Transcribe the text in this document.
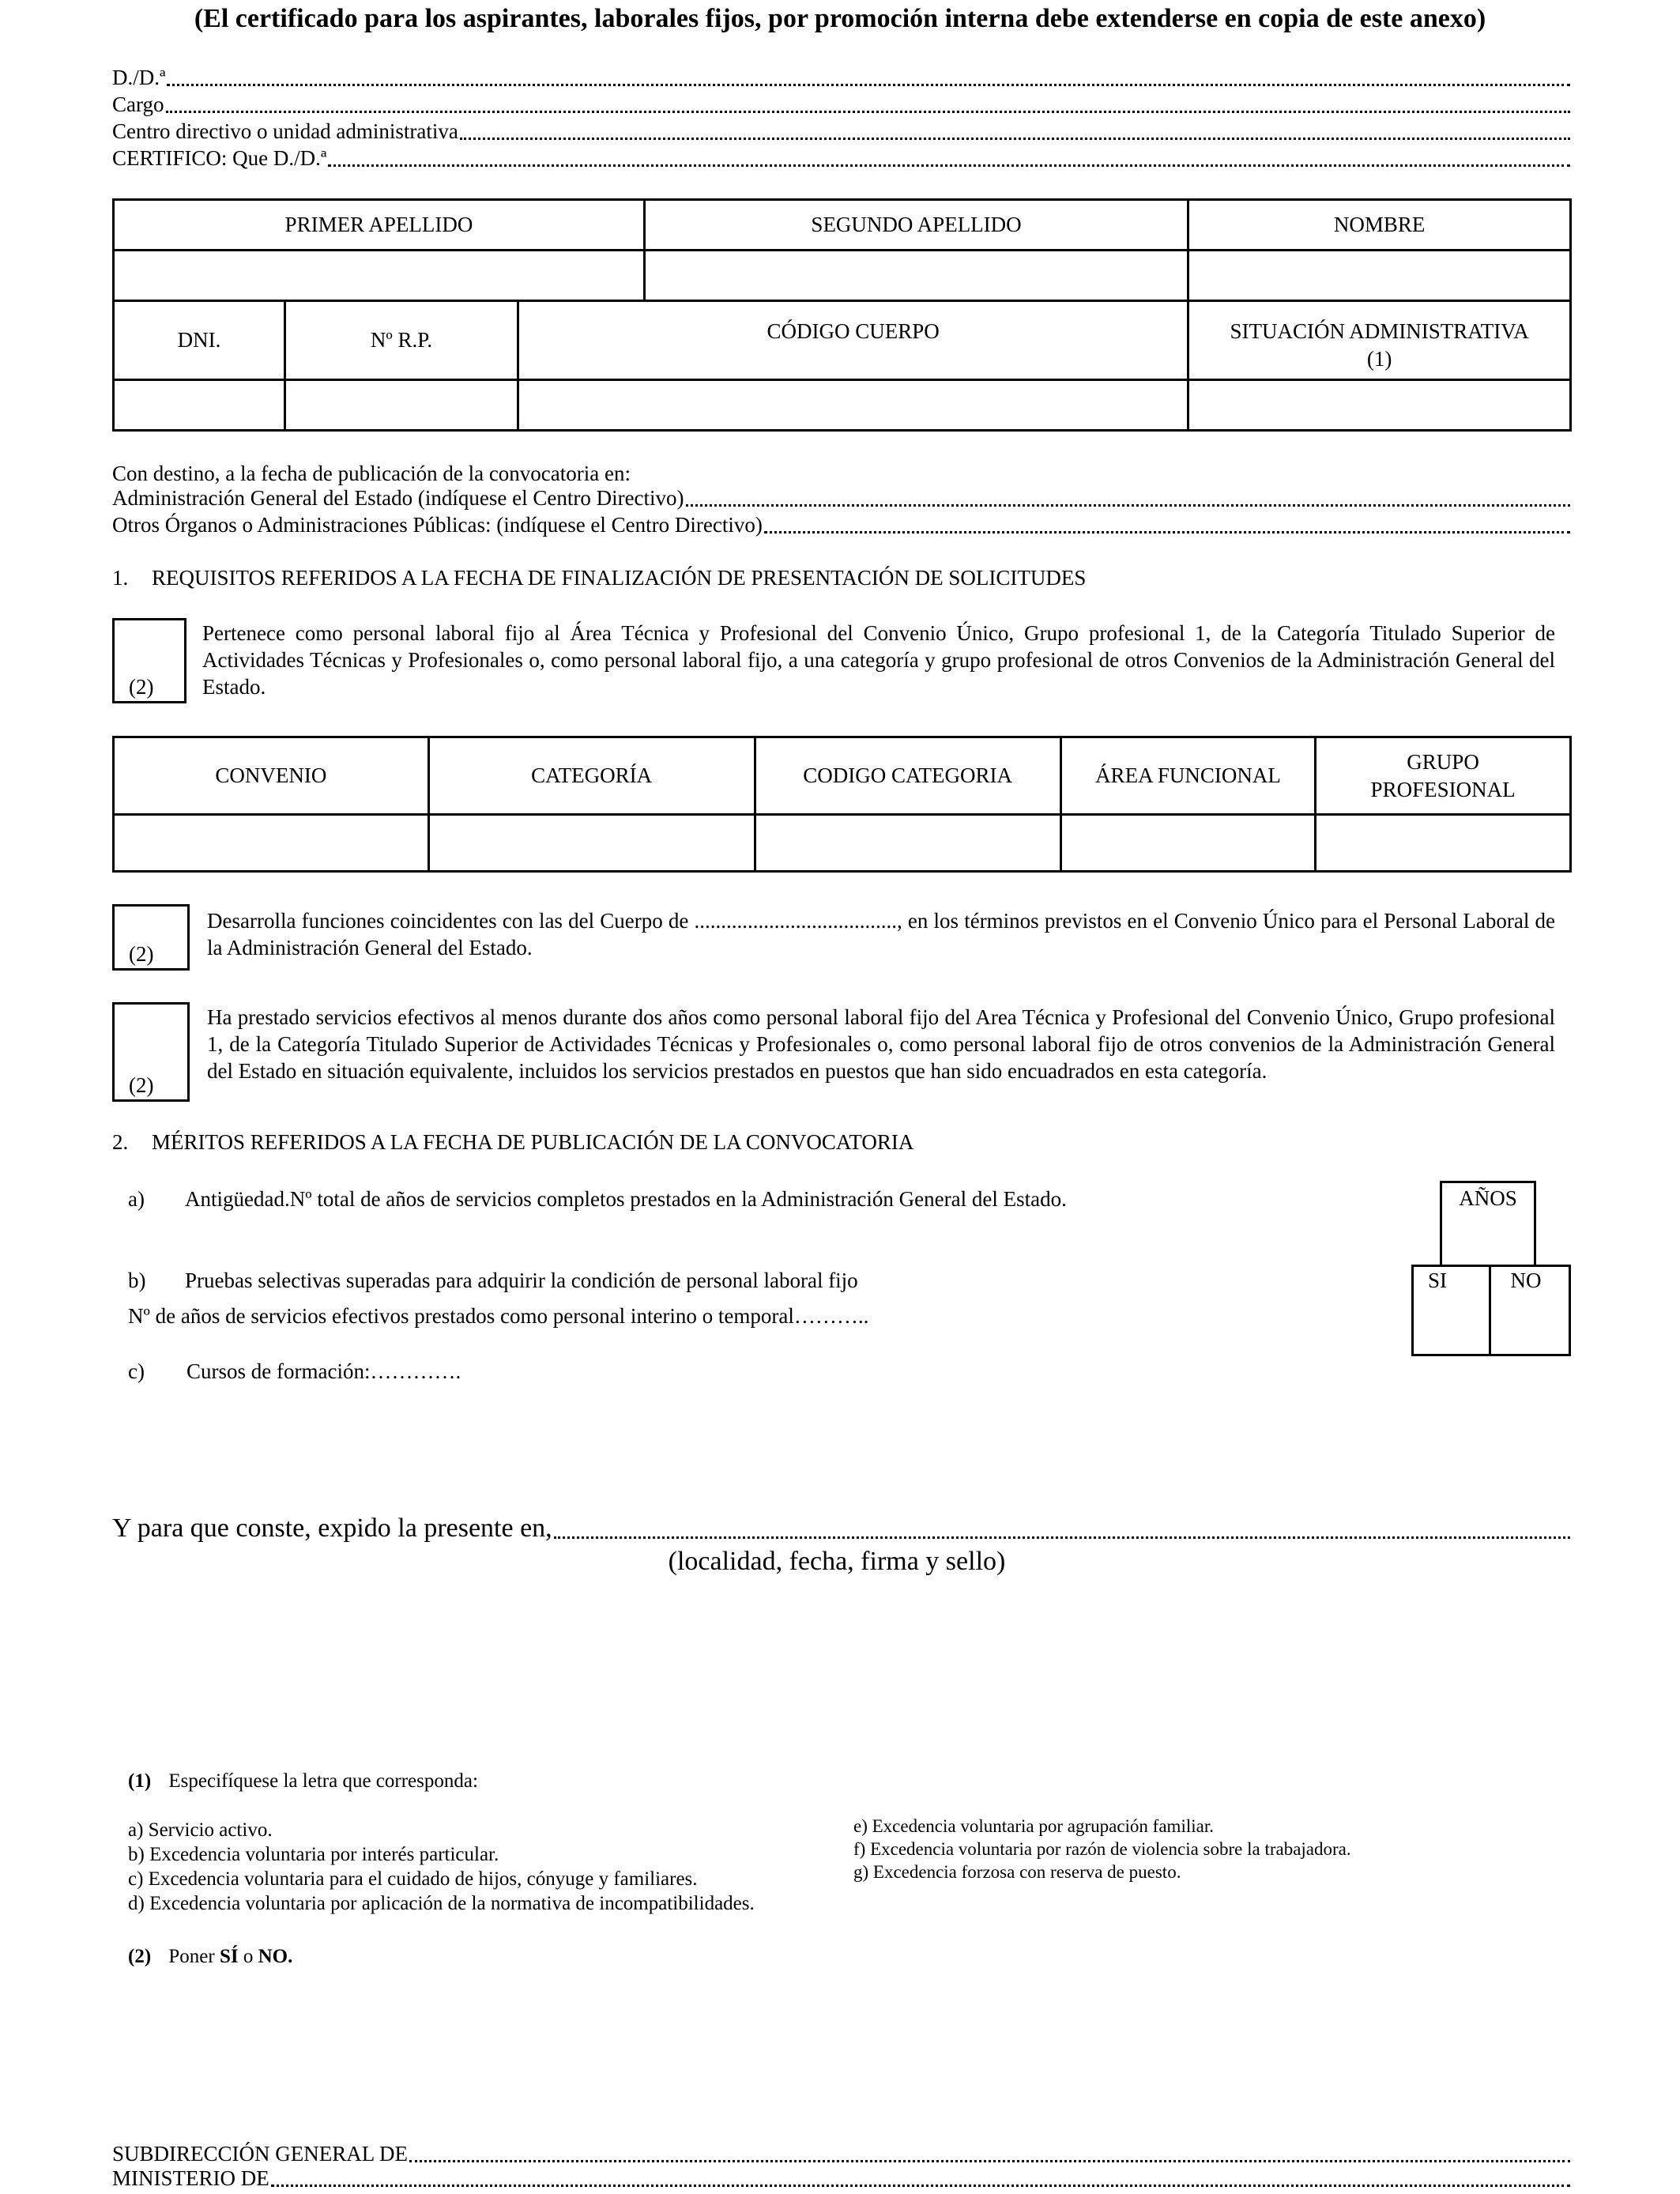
(El certificado para los aspirantes, laborales fijos, por promoción interna debe extenderse en copia de este anexo)
D./D.ª
Cargo
Centro directivo o unidad administrativa
CERTIFICO: Que D./D.ª
PRIMER APELLIDO			SEGUNDO APELLIDO	NOMBRE

DNI.	Nº R.P.	CÓDIGO CUERPO		SITUACIÓN ADMINISTRATIVA
(1)

Con destino, a la fecha de publicación de la convocatoria en:
Administración General del Estado (indíquese el Centro Directivo)
Otros Órganos o Administraciones Públicas: (indíquese el Centro Directivo)
1. REQUISITOS REFERIDOS A LA FECHA DE FINALIZACIÓN DE PRESENTACIÓN DE SOLICITUDES
(2)
Pertenece como personal laboral fijo al Área Técnica y Profesional del Convenio Único, Grupo profesional 1, de la Categoría Titulado Superior de Actividades Técnicas y Profesionales o, como personal laboral fijo, a una categoría y grupo profesional de otros Convenios de la Administración General del Estado.
CONVENIO	CATEGORÍA	CODIGO CATEGORIA	ÁREA FUNCIONAL	GRUPO
PROFESIONAL

(2)
Desarrolla funciones coincidentes con las del Cuerpo de ......................................, en los términos previstos en el Convenio Único para el Personal Laboral de la Administración General del Estado.
(2)
Ha prestado servicios efectivos al menos durante dos años como personal laboral fijo del Area Técnica y Profesional del Convenio Único, Grupo profesional 1, de la Categoría Titulado Superior de Actividades Técnicas y Profesionales o, como personal laboral fijo de otros convenios de la Administración General del Estado en situación equivalente, incluidos los servicios prestados en puestos que han sido encuadrados en esta categoría.
2. MÉRITOS REFERIDOS A LA FECHA DE PUBLICACIÓN DE LA CONVOCATORIA
a) Antigüedad.Nº total de años de servicios completos prestados en la Administración General del Estado.	AÑOS
b) Pruebas selectivas superadas para adquirir la condición de personal laboral fijo
Nº de años de servicios efectivos prestados como personal interino o temporal………..
SI	NO
c) Cursos de formación:………….
Y para que conste, expido la presente en,
(localidad, fecha, firma y sello)
(1) Especifíquese la letra que corresponda:
a) Servicio activo.
b) Excedencia voluntaria por interés particular.
c) Excedencia voluntaria para el cuidado de hijos, cónyuge y familiares.
d) Excedencia voluntaria por aplicación de la normativa de incompatibilidades.
e) Excedencia voluntaria por agrupación familiar.
f) Excedencia voluntaria por razón de violencia sobre la trabajadora.
g) Excedencia forzosa con reserva de puesto.
(2) Poner SÍ o NO.
SUBDIRECCIÓN GENERAL DE
MINISTERIO DE
